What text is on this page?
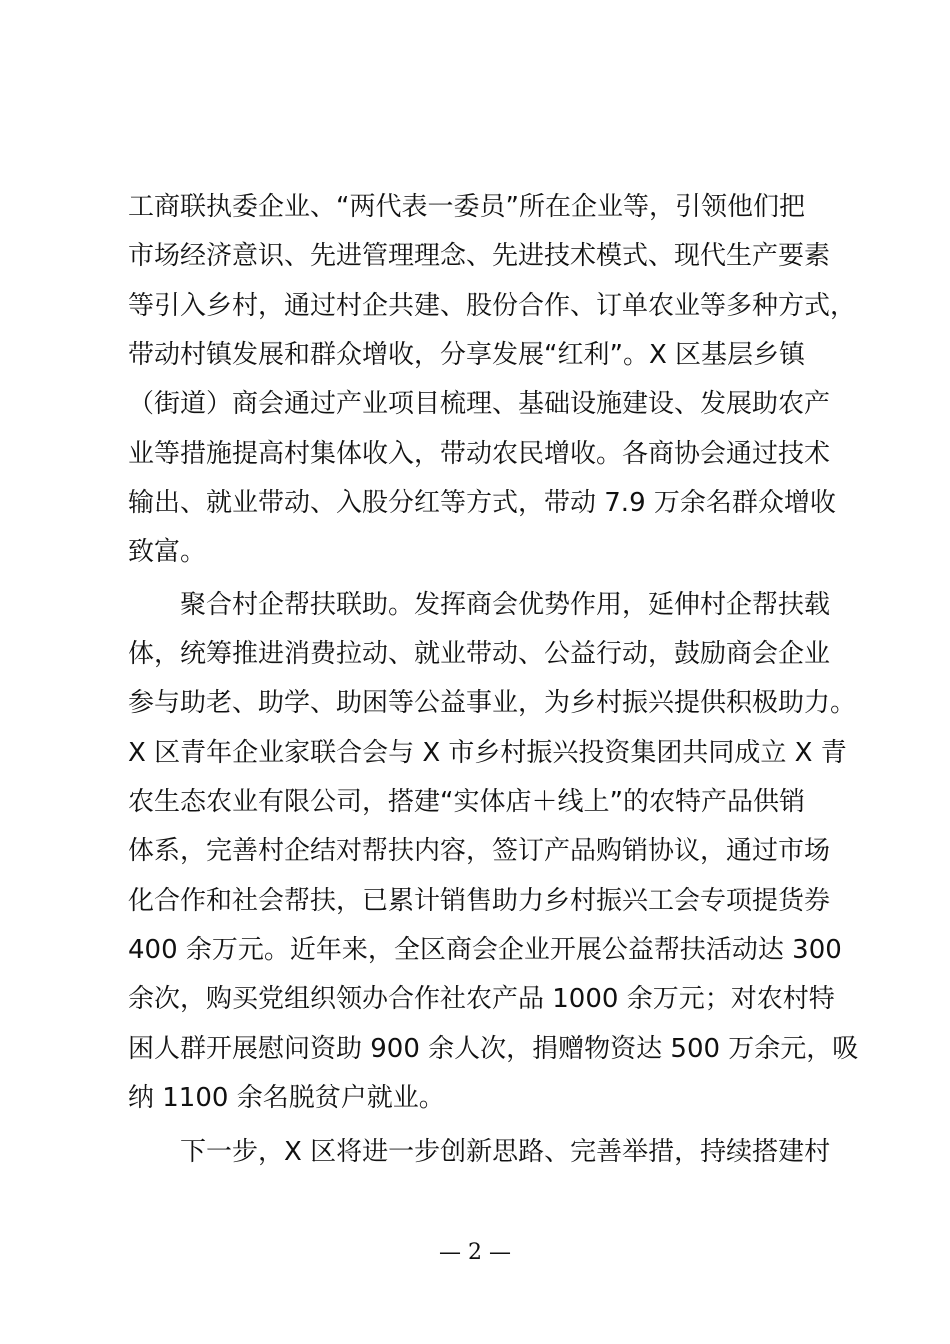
工商联执委企业、“两代表一委员”所在企业等，引领他们把

市场经济意识、先进管理理念、先进技术模式、现代生产要素

等引入乡村，通过村企共建、股份合作、订单农业等多种方式，

带动村镇发展和群众增收，分享发展“红利”。X 区基层乡镇

（街道）商会通过产业项目梳理、基础设施建设、发展助农产

业等措施提高村集体收入，带动农民增收。各商协会通过技术

输出、就业带动、入股分红等方式，带动 7.9 万余名群众增收

致富。

聚合村企帮扶联助。发挥商会优势作用，延伸村企帮扶载

体，统筹推进消费拉动、就业带动、公益行动，鼓励商会企业

参与助老、助学、助困等公益事业，为乡村振兴提供积极助力。

X 区青年企业家联合会与 X 市乡村振兴投资集团共同成立 X 青

农生态农业有限公司，搭建“实体店＋线上”的农特产品供销

体系，完善村企结对帮扶内容，签订产品购销协议，通过市场

化合作和社会帮扶，已累计销售助力乡村振兴工会专项提货券

400 余万元。近年来，全区商会企业开展公益帮扶活动达 300

余次，购买党组织领办合作社农产品 1000 余万元；对农村特

困人群开展慰问资助 900 余人次，捐赠物资达 500 万余元，吸

纳 1100 余名脱贫户就业。

下一步，X 区将进一步创新思路、完善举措，持续搭建村

— 2 —
